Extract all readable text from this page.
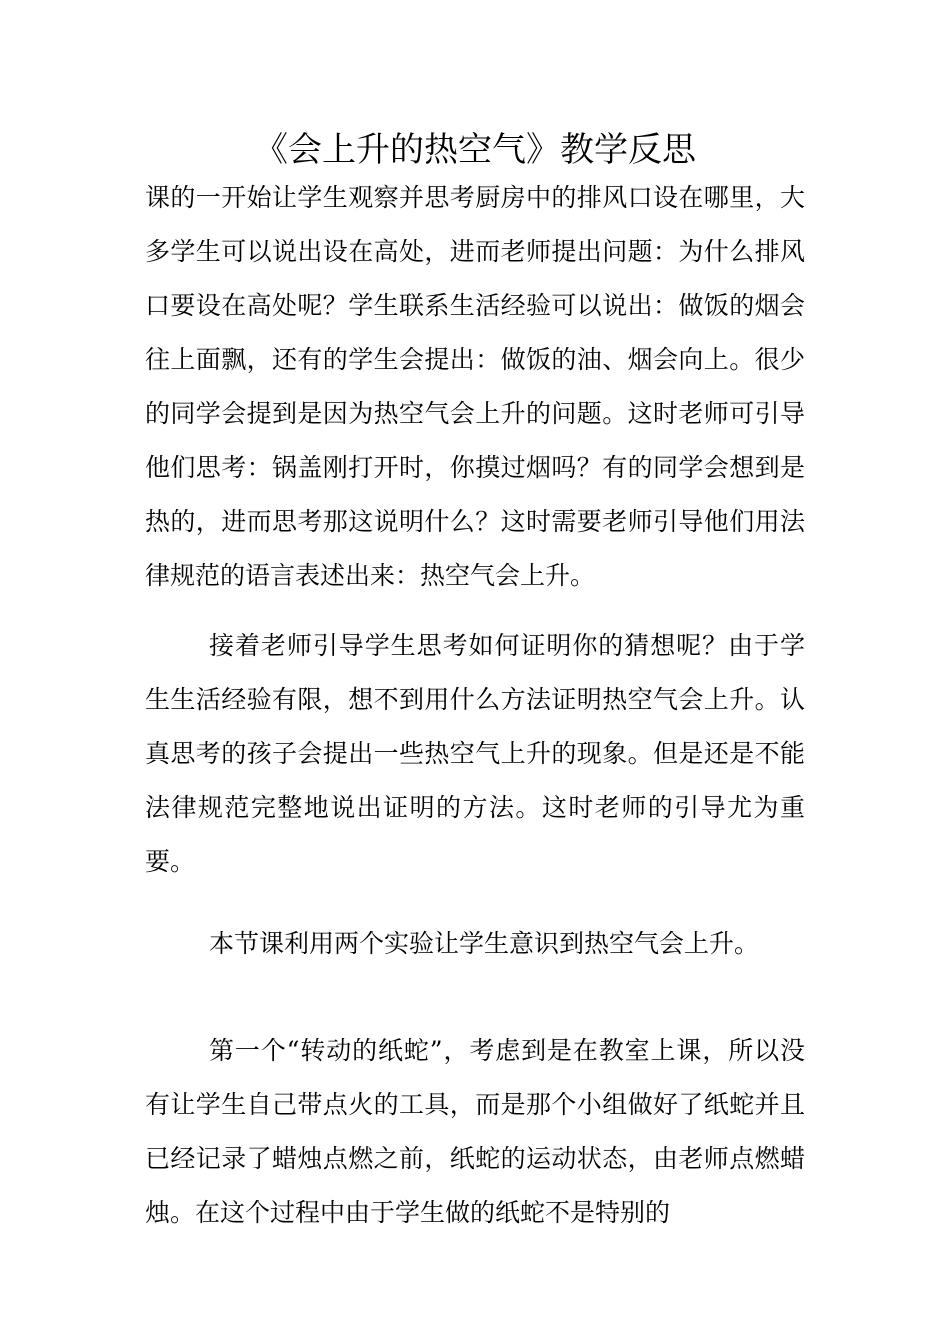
《会上升的热空气》教学反思

课的一开始让学生观察并思考厨房中的排风口设在哪里，大多学生可以说出设在高处，进而老师提出问题：为什么排风口要设在高处呢？学生联系生活经验可以说出：做饭的烟会往上面飘，还有的学生会提出：做饭的油、烟会向上。很少的同学会提到是因为热空气会上升的问题。这时老师可引导他们思考：锅盖刚打开时，你摸过烟吗？有的同学会想到是热的，进而思考那这说明什么？这时需要老师引导他们用法律规范的语言表述出来：热空气会上升。

接着老师引导学生思考如何证明你的猜想呢？由于学生生活经验有限，想不到用什么方法证明热空气会上升。认真思考的孩子会提出一些热空气上升的现象。但是还是不能法律规范完整地说出证明的方法。这时老师的引导尤为重要。

本节课利用两个实验让学生意识到热空气会上升。

第一个“转动的纸蛇”，考虑到是在教室上课，所以没有让学生自己带点火的工具，而是那个小组做好了纸蛇并且已经记录了蜡烛点燃之前，纸蛇的运动状态，由老师点燃蜡烛。在这个过程中由于学生做的纸蛇不是特别的
